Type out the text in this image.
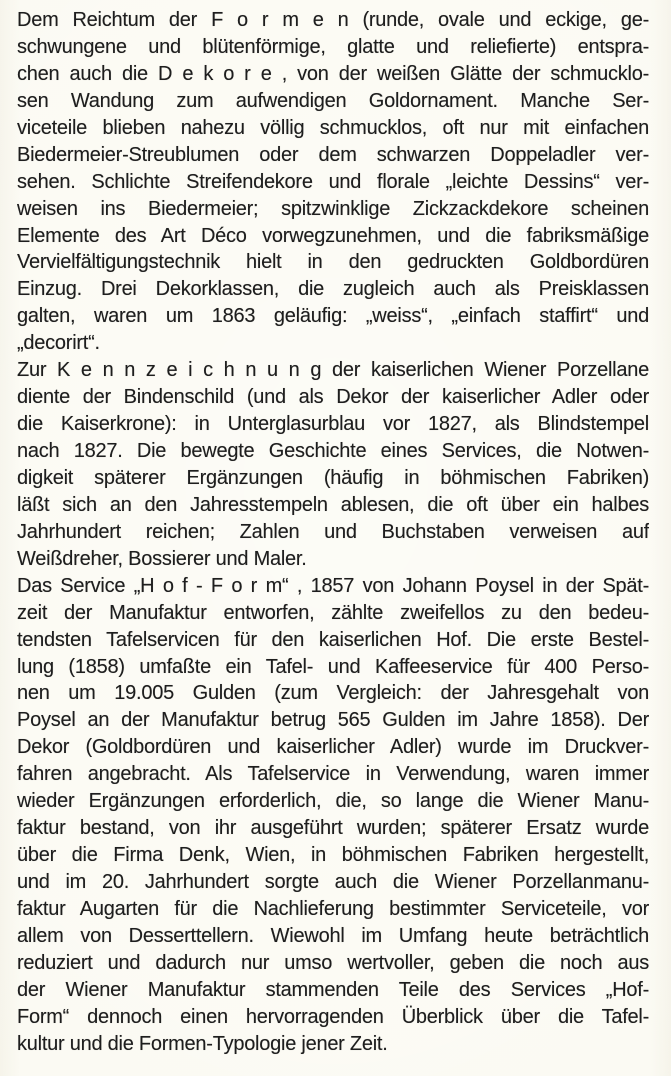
Dem Reichtum der F o r m e n (runde, ovale und eckige, ge-
schwungene und blütenförmige, glatte und reliefierte) entspra-
chen auch die D e k o r e , von der weißen Glätte der schmucklo-
sen Wandung zum aufwendigen Goldornament. Manche Ser-
viceteile blieben nahezu völlig schmucklos, oft nur mit einfachen
Biedermeier-Streublumen oder dem schwarzen Doppeladler ver-
sehen. Schlichte Streifendekore und florale „leichte Dessins“ ver-
weisen ins Biedermeier; spitzwinklige Zickzackdekore scheinen
Elemente des Art Déco vorwegzunehmen, und die fabriksmäßige
Vervielfältigungstechnik hielt in den gedruckten Goldbordüren
Einzug. Drei Dekorklassen, die zugleich auch als Preisklassen
galten, waren um 1863 geläufig: „weiss“, „einfach staffirt“ und
„decorirt“.
Zur K e n n z e i c h n u n g der kaiserlichen Wiener Porzellane
diente der Bindenschild (und als Dekor der kaiserlicher Adler oder
die Kaiserkrone): in Unterglasurblau vor 1827, als Blindstempel
nach 1827. Die bewegte Geschichte eines Services, die Notwen-
digkeit späterer Ergänzungen (häufig in böhmischen Fabriken)
läßt sich an den Jahresstempeln ablesen, die oft über ein halbes
Jahrhundert reichen; Zahlen und Buchstaben verweisen auf
Weißdreher, Bossierer und Maler.
Das Service „H o f - F o r m“ , 1857 von Johann Poysel in der Spät-
zeit der Manufaktur entworfen, zählte zweifellos zu den bedeu-
tendsten Tafelservicen für den kaiserlichen Hof. Die erste Bestel-
lung (1858) umfaßte ein Tafel- und Kaffeeservice für 400 Perso-
nen um 19.005 Gulden (zum Vergleich: der Jahresgehalt von
Poysel an der Manufaktur betrug 565 Gulden im Jahre 1858). Der
Dekor (Goldbordüren und kaiserlicher Adler) wurde im Druckver-
fahren angebracht. Als Tafelservice in Verwendung, waren immer
wieder Ergänzungen erforderlich, die, so lange die Wiener Manu-
faktur bestand, von ihr ausgeführt wurden; späterer Ersatz wurde
über die Firma Denk, Wien, in böhmischen Fabriken hergestellt,
und im 20. Jahrhundert sorgte auch die Wiener Porzellanmanu-
faktur Augarten für die Nachlieferung bestimmter Serviceteile, vor
allem von Desserttellern. Wiewohl im Umfang heute beträchtlich
reduziert und dadurch nur umso wertvoller, geben die noch aus
der Wiener Manufaktur stammenden Teile des Services „Hof-
Form“ dennoch einen hervorragenden Überblick über die Tafel-
kultur und die Formen-Typologie jener Zeit.
